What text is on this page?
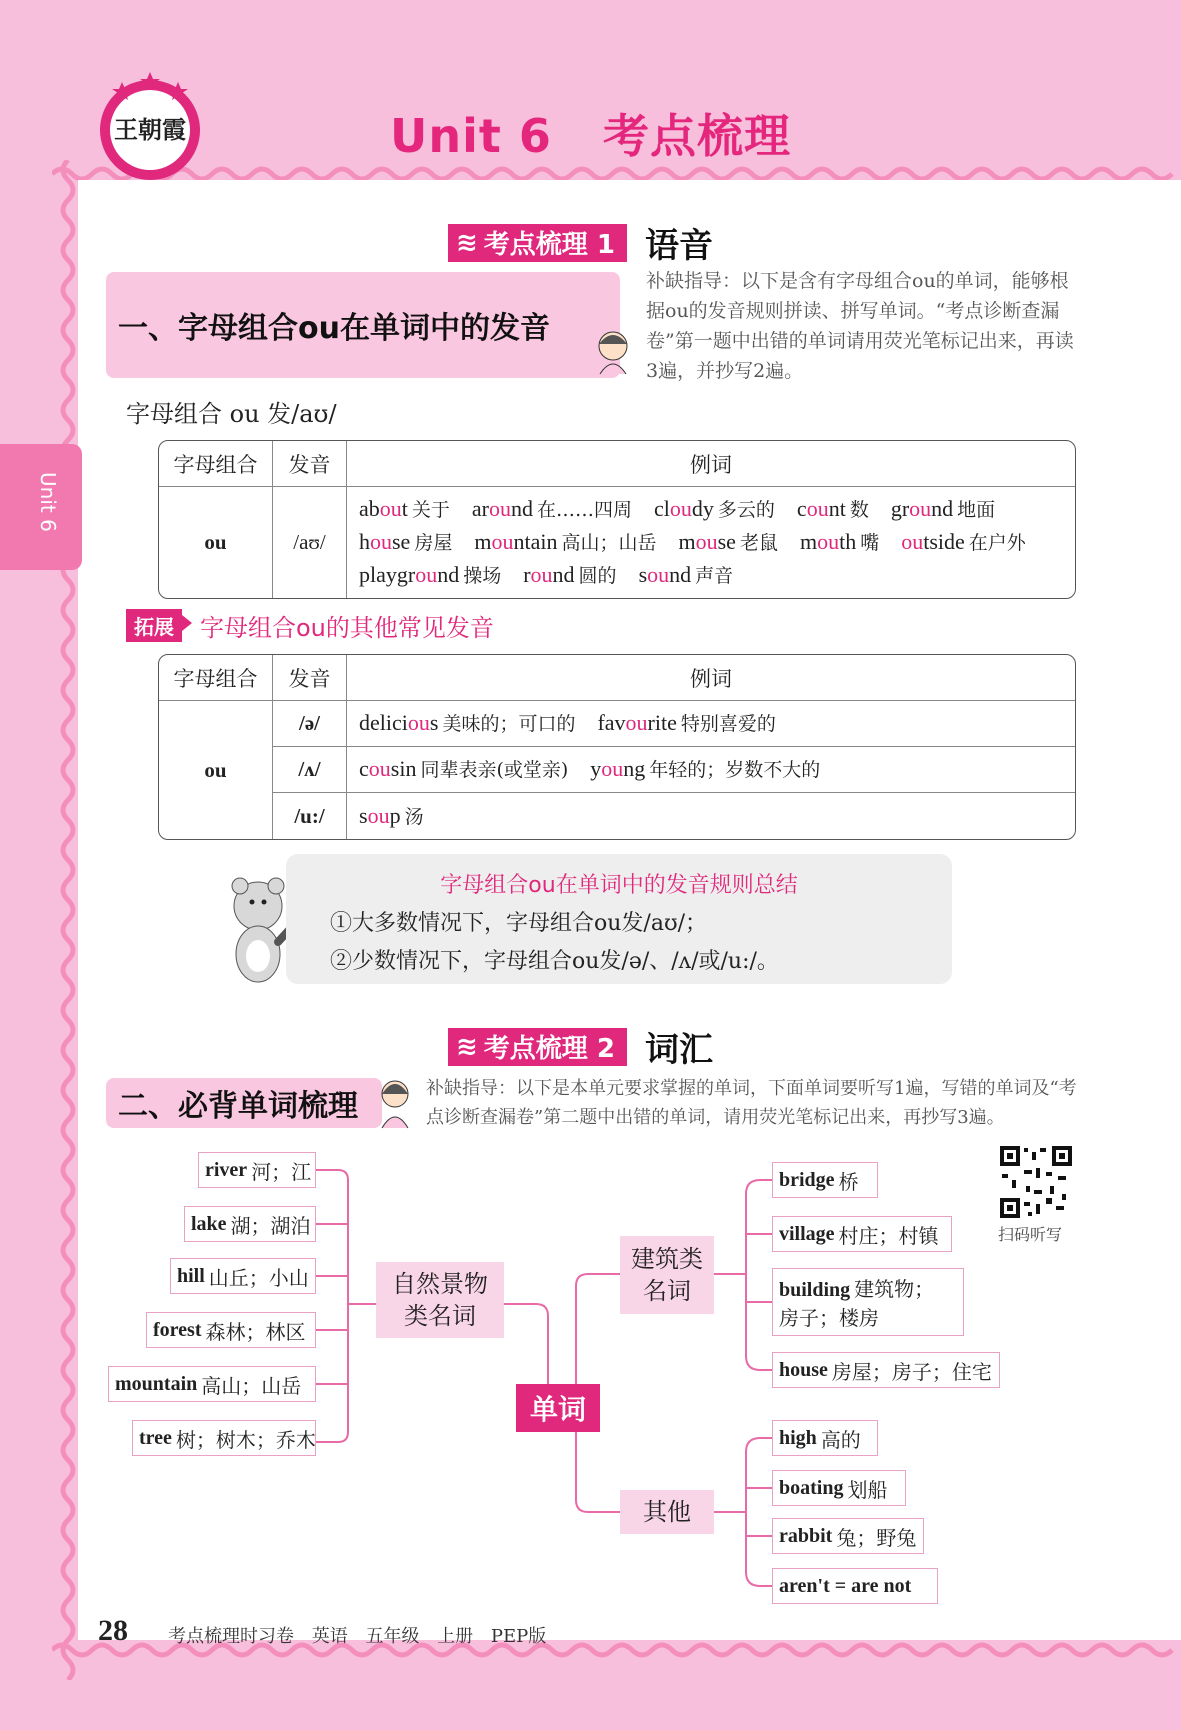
Unit 6
王朝霞	Unit 6   考点梳理
≋ 考点梳理 1 语音
一、字母组合ou在单词中的发音
补缺指导：以下是含有字母组合ou的单词，能够根据ou的发音规则拼读、拼写单词。“考点诊断查漏卷”第一题中出错的单词请用荧光笔标记出来，再读3遍，并抄写2遍。
字母组合 ou 发/aʊ/
字母组合	发音	例词
ou	/aʊ/	about 关于 around 在……四周 cloudy 多云的 count 数 ground 地面
house 房屋 mountain 高山；山岳 mouse 老鼠 mouth 嘴 outside 在户外
playground 操场 round 圆的 sound 声音
拓展	字母组合ou的其他常见发音
字母组合	发音	例词
ou	/ə/	delicious 美味的；可口的 favourite 特别喜爱的
	/ʌ/	cousin 同辈表亲(或堂亲) young 年轻的；岁数不大的
	/u:/	soup 汤
字母组合ou在单词中的发音规则总结
①大多数情况下，字母组合ou发/aʊ/；
②少数情况下，字母组合ou发/ə/、/ʌ/或/u:/。
≋ 考点梳理 2 词汇
二、必背单词梳理
补缺指导：以下是本单元要求掌握的单词，下面单词要听写1遍，写错的单词及“考点诊断查漏卷”第二题中出错的单词，请用荧光笔标记出来，再抄写3遍。
扫码听写
单词
自然景物类名词
建筑类名词
其他
river 河；江
lake 湖；湖泊
hill 山丘；小山
forest 森林；林区
mountain 高山；山岳
tree 树；树木；乔木
bridge 桥
village 村庄；村镇
building 建筑物；
房子；楼房
house 房屋；房子；住宅
high 高的
boating 划船
rabbit 兔；野兔
aren't = are not
28 考点梳理时习卷 英语 五年级 上册 PEP版
